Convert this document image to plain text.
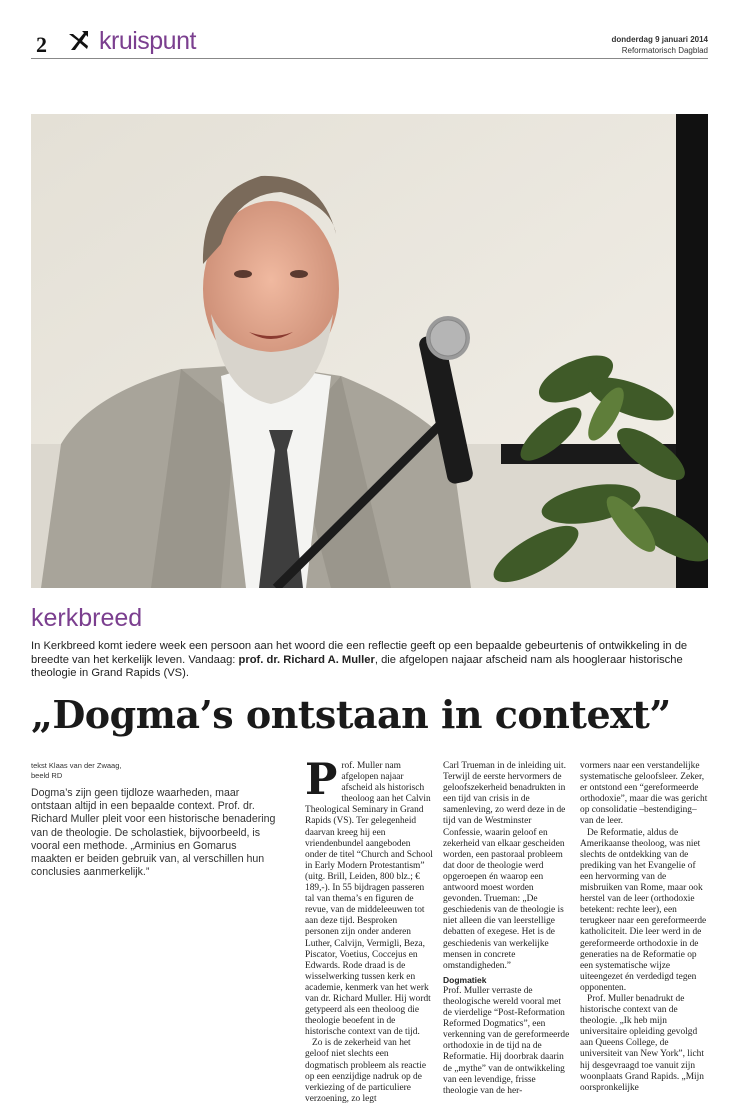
2 kruispunt	donderdag 9 januari 2014
Reformatorisch Dagblad
kerkbreed
In Kerkbreed komt iedere week een persoon aan het woord die een reflectie geeft op een bepaalde gebeurtenis of ontwikkeling in de breedte van het kerkelijk leven. Vandaag: prof. dr. Richard A. Muller, die afgelopen najaar afscheid nam als hoogleraar historische theologie in Grand Rapids (VS).
„Dogma’s ontstaan in context”
tekst Klaas van der Zwaag,
beeld RD
Dogma’s zijn geen tijdloze waarheden, maar ontstaan altijd in een bepaalde context. Prof. dr. Richard Muller pleit voor een historische benadering van de theologie. De scholastiek, bijvoorbeeld, is vooral een methode. „Arminius en Gomarus maakten er beiden gebruik van, al verschillen hun conclusies aanmerkelijk.”
P rof. Muller nam afgelopen najaar afscheid als historisch theoloog aan het Calvin Theological Seminary in Grand Rapids (VS). Ter gelegenheid daarvan kreeg hij een vriendenbundel aangeboden onder de titel “Church and School in Early Modern Protestantism” (uitg. Brill, Leiden, 800 blz.; € 189,-). In 55 bijdragen passeren tal van thema’s en figuren de revue, van de middeleeuwen tot aan deze tijd. Besproken personen zijn onder anderen Luther, Calvijn, Vermigli, Beza, Piscator, Voetius, Coccejus en Edwards. Rode draad is de wisselwerking tussen kerk en academie, kenmerk van het werk van dr. Richard Muller. Hij wordt getypeerd als een theoloog die theologie beoefent in de historische context van de tijd.

Zo is de zekerheid van het geloof niet slechts een dogmatisch probleem als reactie op een eenzijdige nadruk op de verkiezing of de particuliere verzoening, zo legt

Carl Trueman in de inleiding uit. Terwijl de eerste hervormers de geloofszekerheid benadrukten in een tijd van crisis in de samenleving, zo werd deze in de tijd van de Westminster Confessie, waarin geloof en zekerheid van elkaar gescheiden worden, een pastoraal probleem dat door de theologie werd opgeroepen én waarop een antwoord moest worden gevonden. Trueman: „De geschiedenis van de theologie is niet alleen die van leerstellige debatten of exegese. Het is de geschiedenis van werkelijke mensen in concrete omstandigheden.”

Dogmatiek

Prof. Muller verraste de theologische wereld vooral met de vierdelige “Post-Reformation Reformed Dogmatics”, een verkenning van de gereformeerde orthodoxie in de tijd na de Reformatie. Hij doorbrak daarin de „mythe” van de ontwikkeling van een levendige, frisse theologie van de her-

vormers naar een verstandelijke systematische geloofsleer. Zeker, er ontstond een “gereformeerde orthodoxie”, maar die was gericht op consolidatie –bestendiging– van de leer.

De Reformatie, aldus de Amerikaanse theoloog, was niet slechts de ontdekking van de prediking van het Evangelie of een hervorming van de misbruiken van Rome, maar ook herstel van de leer (orthodoxie betekent: rechte leer), een terugkeer naar een gereformeerde katholiciteit. Die leer werd in de gereformeerde orthodoxie in de generaties na de Reformatie op een systematische wijze uiteengezet én verdedigd tegen opponenten.

Prof. Muller benadrukt de historische context van de theologie. „Ik heb mijn universitaire opleiding gevolgd aan Queens College, de universiteit van New York”, licht hij desgevraagd toe vanuit zijn woonplaats Grand Rapids. „Mijn oorspronkelijke
